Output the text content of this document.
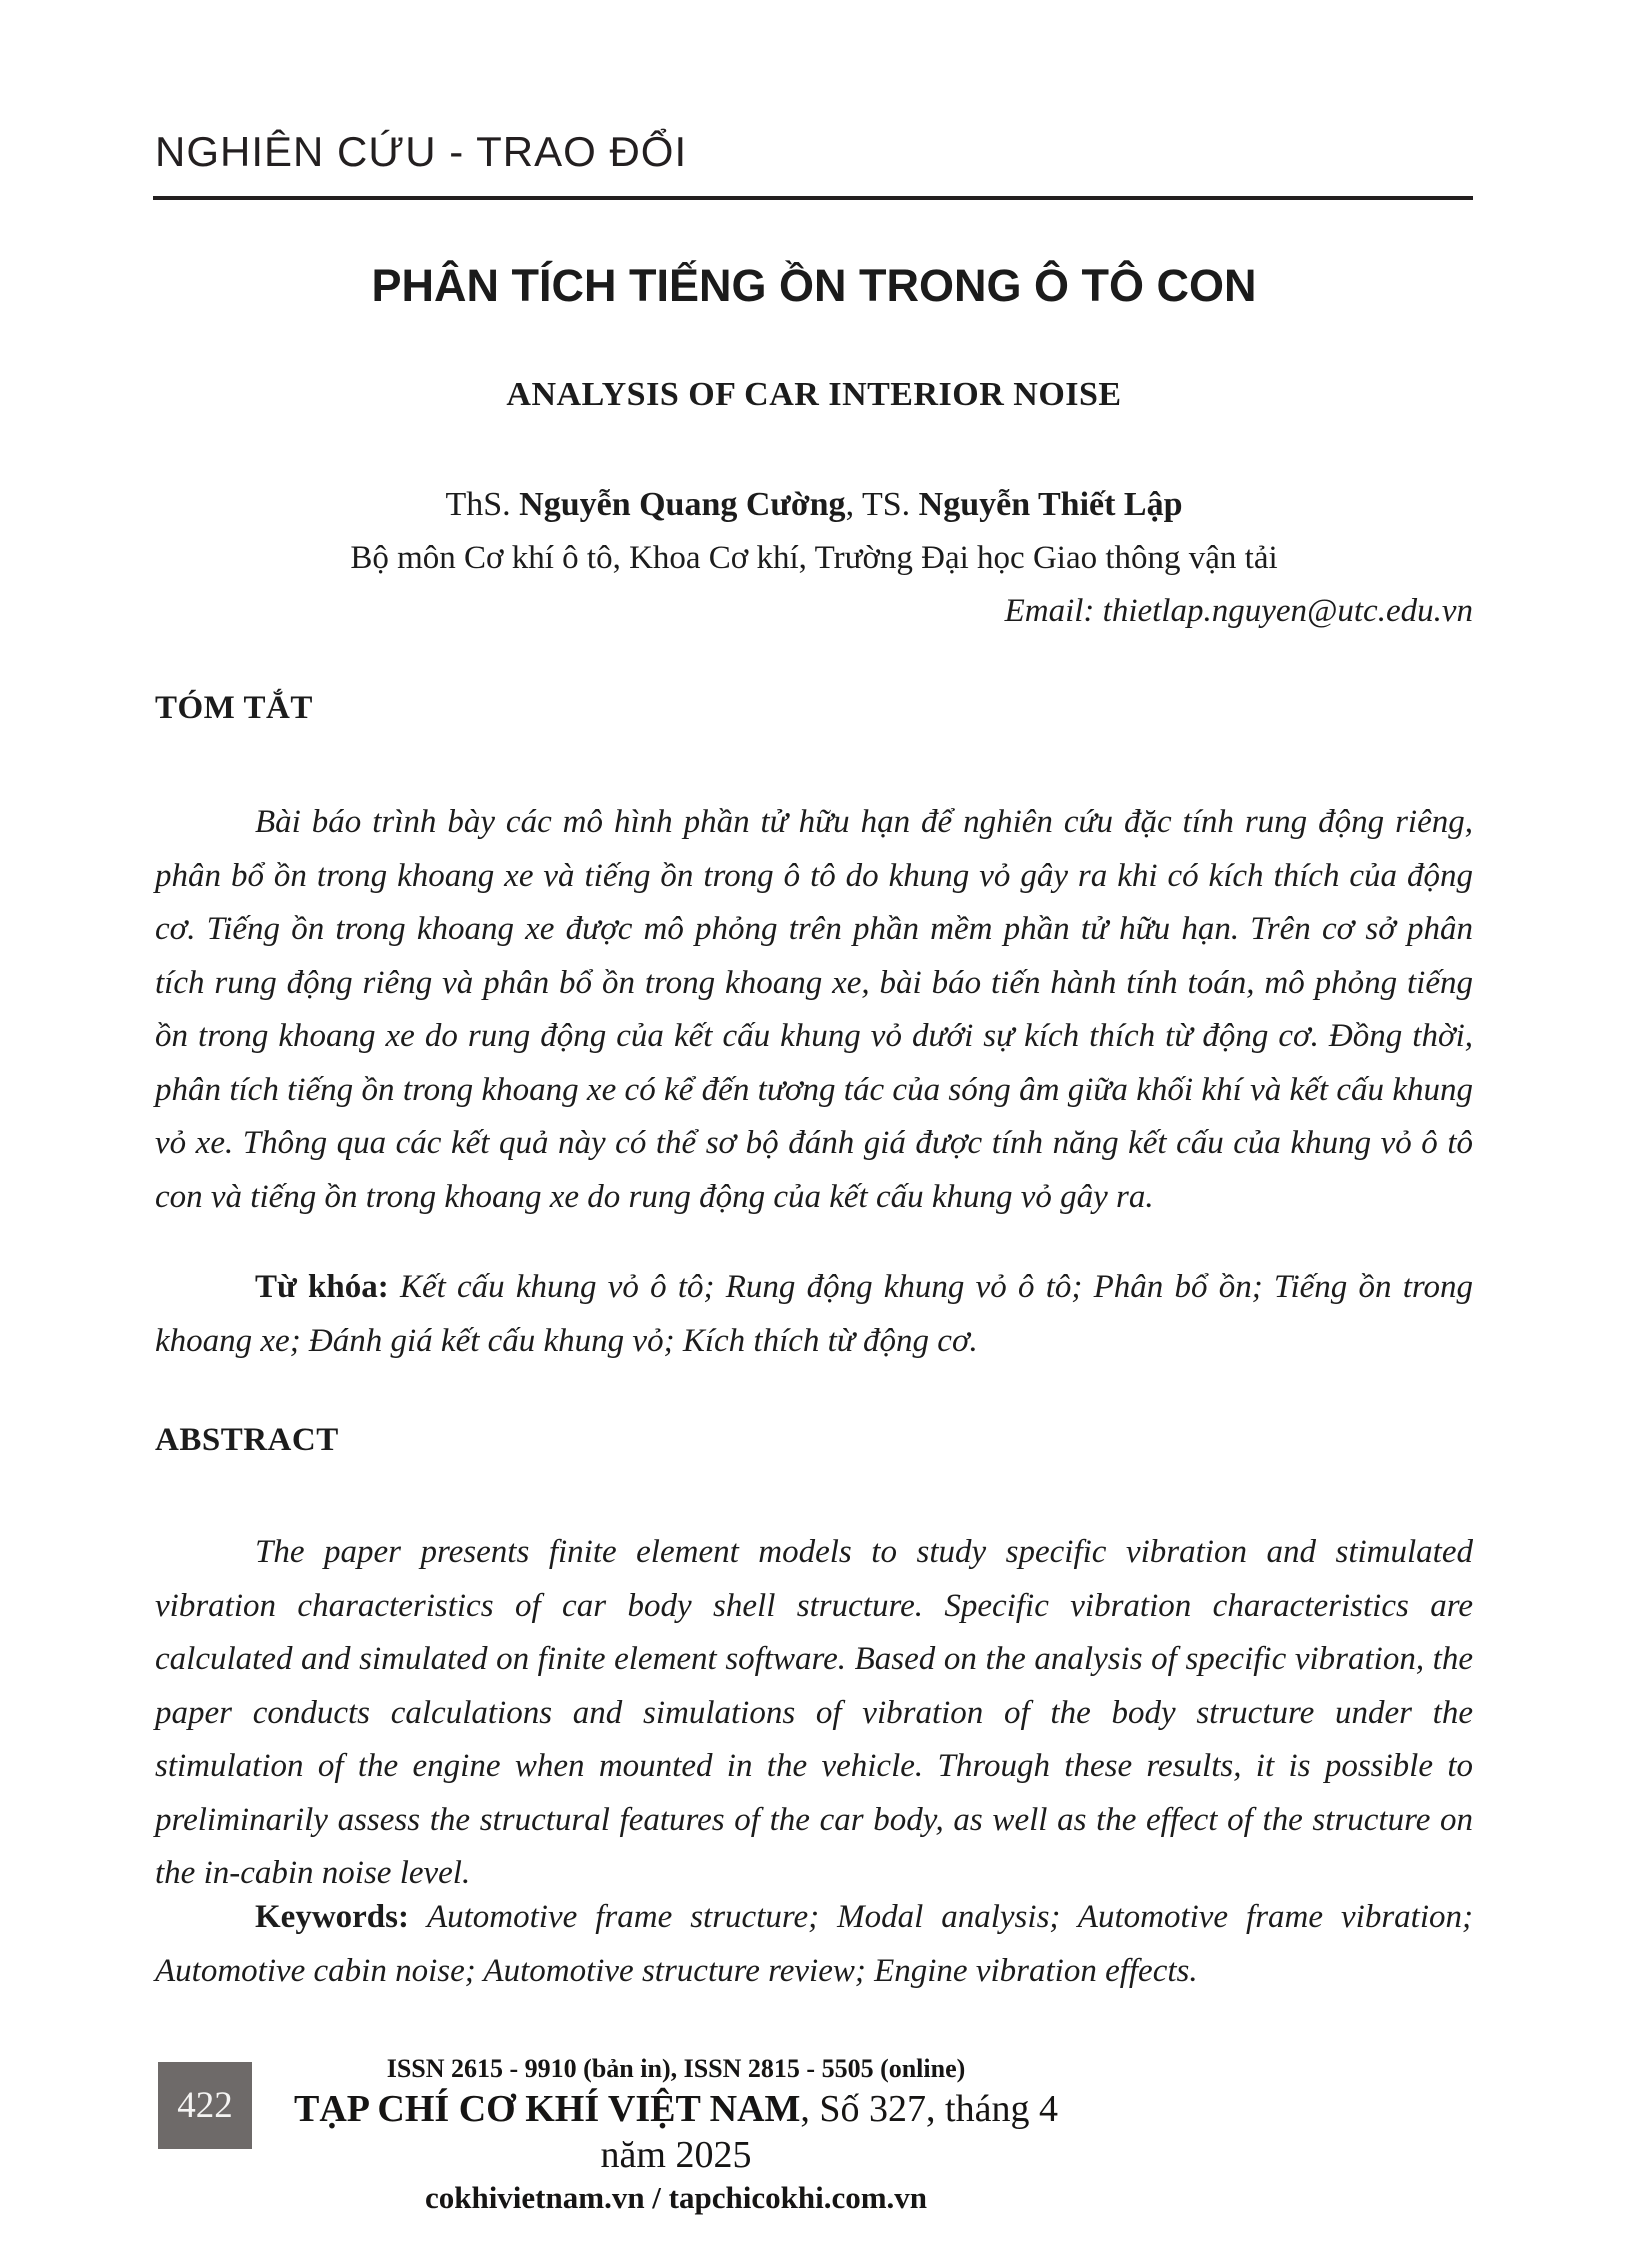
NGHIÊN CỨU - TRAO ĐỔI
PHÂN TÍCH TIẾNG ỒN TRONG Ô TÔ CON
ANALYSIS OF CAR INTERIOR NOISE
ThS. Nguyễn Quang Cường, TS. Nguyễn Thiết Lập
Bộ môn Cơ khí ô tô, Khoa Cơ khí, Trường Đại học Giao thông vận tải
Email: thietlap.nguyen@utc.edu.vn
TÓM TẮT

Bài báo trình bày các mô hình phần tử hữu hạn để nghiên cứu đặc tính rung động riêng, phân bổ ồn trong khoang xe và tiếng ồn trong ô tô do khung vỏ gây ra khi có kích thích của động cơ. Tiếng ồn trong khoang xe được mô phỏng trên phần mềm phần tử hữu hạn. Trên cơ sở phân tích rung động riêng và phân bổ ồn trong khoang xe, bài báo tiến hành tính toán, mô phỏng tiếng ồn trong khoang xe do rung động của kết cấu khung vỏ dưới sự kích thích từ động cơ. Đồng thời, phân tích tiếng ồn trong khoang xe có kể đến tương tác của sóng âm giữa khối khí và kết cấu khung vỏ xe. Thông qua các kết quả này có thể sơ bộ đánh giá được tính năng kết cấu của khung vỏ ô tô con và tiếng ồn trong khoang xe do rung động của kết cấu khung vỏ gây ra.

Từ khóa: Kết cấu khung vỏ ô tô; Rung động khung vỏ ô tô; Phân bổ ồn; Tiếng ồn trong khoang xe; Đánh giá kết cấu khung vỏ; Kích thích từ động cơ.

ABSTRACT

The paper presents finite element models to study specific vibration and stimulated vibration characteristics of car body shell structure. Specific vibration characteristics are calculated and simulated on finite element software. Based on the analysis of specific vibration, the paper conducts calculations and simulations of vibration of the body structure under the stimulation of the engine when mounted in the vehicle. Through these results, it is possible to preliminarily assess the structural features of the car body, as well as the effect of the structure on the in-cabin noise level.

Keywords: Automotive frame structure; Modal analysis; Automotive frame vibration; Automotive cabin noise; Automotive structure review; Engine vibration effects.

422
ISSN 2615 - 9910 (bản in), ISSN 2815 - 5505 (online)
TẠP CHÍ CƠ KHÍ VIỆT NAM, Số 327, tháng 4 năm 2025
cokhivietnam.vn / tapchicokhi.com.vn
